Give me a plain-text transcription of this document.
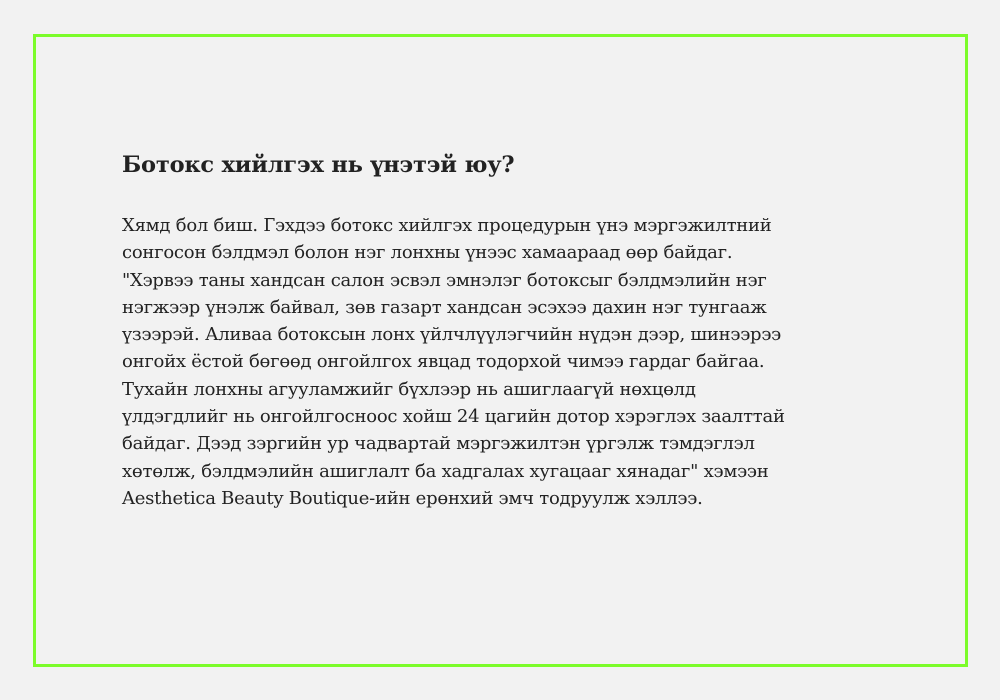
Ботокс хийлгэх нь үнэтэй юу?

Хямд бол биш. Гэхдээ ботокс хийлгэх процедурын үнэ мэргэжилтний
сонгосон бэлдмэл болон нэг лонхны үнээс хамаараад өөр байдаг.
"Хэрвээ таны хандсан салон эсвэл эмнэлэг ботоксыг бэлдмэлийн нэг
нэгжээр үнэлж байвал, зөв газарт хандсан эсэхээ дахин нэг тунгааж
үзээрэй. Аливаа ботоксын лонх үйлчлүүлэгчийн нүдэн дээр, шинээрээ
онгойх ёстой бөгөөд онгойлгох явцад тодорхой чимээ гардаг байгаа.
Тухайн лонхны агууламжийг бүхлээр нь ашиглаагүй нөхцөлд
үлдэгдлийг нь онгойлгосноос хойш 24 цагийн дотор хэрэглэх заалттай
байдаг. Дээд зэргийн ур чадвартай мэргэжилтэн үргэлж тэмдэглэл
хөтөлж, бэлдмэлийн ашиглалт ба хадгалах хугацааг хянадаг" хэмээн
Aesthetica Beauty Boutique-ийн ерөнхий эмч тодруулж хэллээ.
